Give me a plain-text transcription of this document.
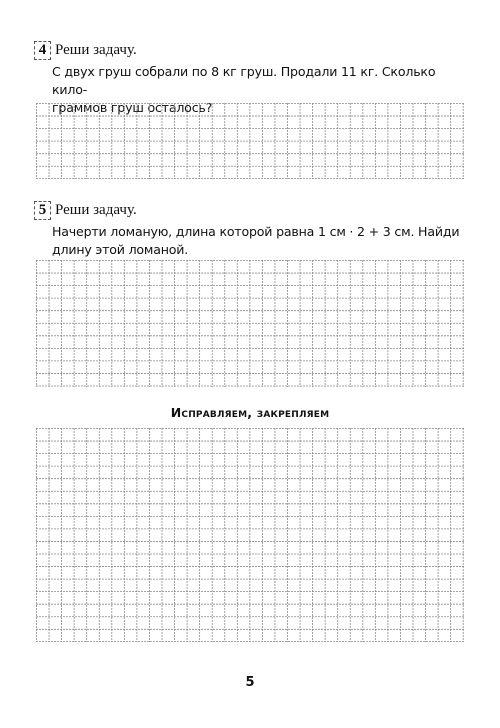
4 Реши задачу.
С двух груш собрали по 8 кг груш. Продали 11 кг. Сколько кило-
граммов груш осталось?
5 Реши задачу.
Начерти ломаную, длина которой равна 1 см · 2 + 3 см. Найди
длину этой ломаной.
Исправляем, закрепляем
5
